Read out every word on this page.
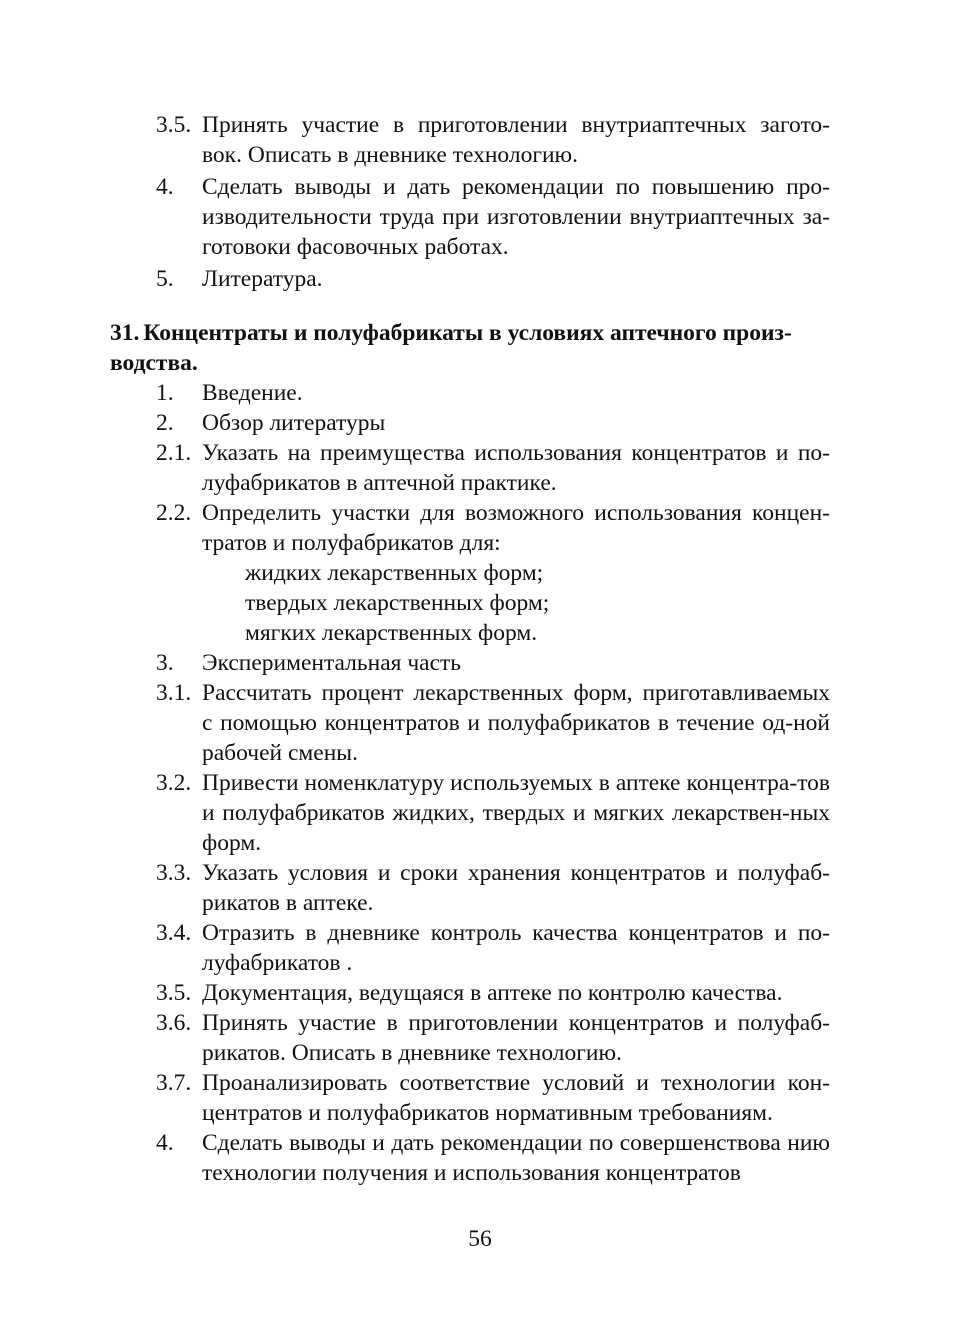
3.5. Принять участие в приготовлении внутриаптечных загото-вок. Описать в дневнике технологию.
4.	Сделать выводы и дать рекомендации по повышению про-изводительности труда при изготовлении внутриаптечных за-готовоки фасовочных работах.
5.	Литература.
31. Концентраты и полуфабрикаты в условиях аптечного произ-водства.
1.	Введение.
2.	Обзор литературы
2.1. Указать на преимущества использования концентратов и по-луфабрикатов в аптечной практике.
2.2. Определить участки для возможного использования концен-тратов и полуфабрикатов для:
жидких лекарственных форм;
твердых лекарственных форм;
мягких лекарственных форм.
3.	Экспериментальная часть
3.1. Рассчитать процент лекарственных форм, приготавливаемых с помощью концентратов и полуфабрикатов в течение од-ной рабочей смены.
3.2. Привести номенклатуру используемых в аптеке концентра-тов и полуфабрикатов жидких, твердых и мягких лекарствен-ных форм.
3.3. Указать условия и сроки хранения концентратов и полуфаб-рикатов в аптеке.
3.4. Отразить в дневнике контроль качества концентратов и по-луфабрикатов .
3.5. Документация, ведущаяся в аптеке по контролю качества.
3.6. Принять участие в приготовлении концентратов и полуфаб-рикатов. Описать в дневнике технологию.
3.7. Проанализировать соответствие условий и технологии кон-центратов и полуфабрикатов нормативным требованиям.
4.	Сделать выводы и дать рекомендации по совершенствова нию технологии получения и использования концентратов
56
